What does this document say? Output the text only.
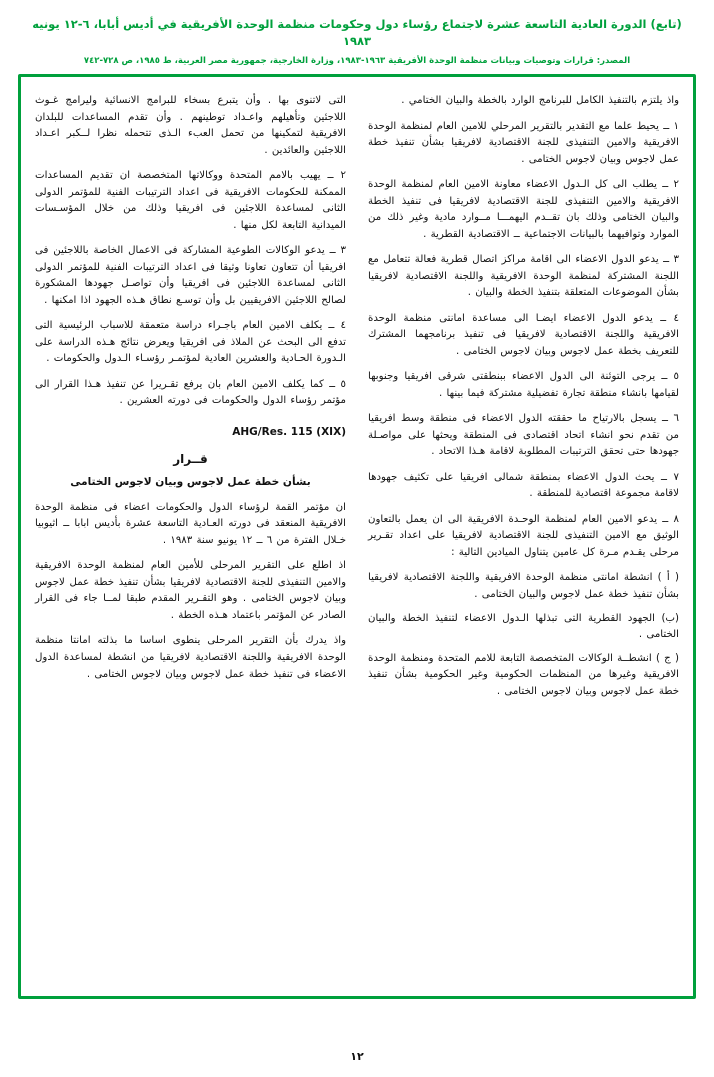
(تابع) الدورة العادية التاسعة عشرة لاجتماع رؤساء دول وحكومات منظمة الوحدة الأفريقية في أديس أبابا، ٦-١٢ يونيه ١٩٨٣
المصدر: قرارات وتوصيات وبيانات منظمة الوحدة الأفريقية ١٩٦٣-١٩٨٣، وزارة الخارجية، جمهورية مصر العربية، ط ١٩٨٥، ص ٧٢٨-٧٤٢

واذ يلتزم بالتنفيذ الكامل للبرنامج الوارد بالخطة والبيان الختامي .

١ ــ يحيط علما مع التقدير بالتقرير المرحلي للامين العام لمنظمة الوحدة الافريقية والامين التنفيذى للجنة الاقتصادية لافريقيا بشأن تنفيذ خطة عمل لاجوس وبيان لاجوس الختامى .

٢ ــ يطلب الى كل الـدول الاعضاء معاونة الامين العام لمنظمة الوحدة الافريقية والامين التنفيذى للجنة الاقتصادية لافريقيا فى تنفيذ الخطة والبيان الختامى وذلك بان تقــدم اليهمـــا مــوارد مادية وغير ذلك من الموارد وتوافيهما بالبيانات الاجتماعية ــ الاقتصادية القطرية .

٣ ــ يدعو الدول الاعضاء الى اقامة مراكز اتصال قطرية فعالة تتعامل مع اللجنة المشتركة لمنظمة الوحدة الافريقية واللجنة الاقتصادية لافريقيا بشأن الموضوعات المتعلقة بتنفيذ الخطة والبيان .

٤ ــ يدعو الدول الاعضاء ايضـا الى مساعدة امانتى منظمة الوحدة الافريقية واللجنة الاقتصادية لافريقيا فى تنفيذ برنامجهما المشترك للتعريف بخطة عمل لاجوس وبيان لاجوس الختامى .

٥ ــ يرجى التوئنة الى الدول الاعضاء ببنطقتى شرقى افريقيا وجنوبها لقيامها بانشاء منطقة تجارة تفضيلية مشتركة فيما بينها .

٦ ــ يسجل بالارتياح ما حققته الدول الاعضاء فى منطقة وسط افريقيا من تقدم نحو انشاء اتحاد اقتصادى فى المنطقة ويحثها على مواصـلة جهودها حتى تحقق الترتيبات المطلوبة لاقامة هـذا الاتحاد .

٧ ــ يحث الدول الاعضاء بمنطقة شمالى افريقيا على تكثيف جهودها لاقامة مجموعة اقتصادية للمنطقة .

٨ ــ يدعو الامين العام لمنظمة الوحـدة الافريقية الى ان يعمل بالتعاون الوثيق مع الامين التنفيذى للجنة الاقتصادية لافريقيا على اعداد تقـرير مرحلى يقـدم مـرة كل عامين يتناول الميادين التالية :

( أ ) انشطة امانتى منظمة الوحدة الافريقية واللجنة الاقتصادية لافريقيا بشأن تنفيذ خطة عمل لاجوس والبيان الختامى .

(ب) الجهود القطرية التى تبذلها الـدول الاعضاء لتنفيذ الخطة والبيان الختامى .

( ج ) انشطــة الوكالات المتخصصة التابعة للامم المتحدة ومنظمة الوحدة الافريقية وغيرها من المنظمات الحكومية وغير الحكومية بشأن تنفيذ خطة عمل لاجوس وبيان لاجوس الختامى .

التى لاتنوى بها . وأن يتبرع بسخاء للبرامج الانسائية وليرامج غـوث اللاجئين وتأهيلهم واعـداد توطينهم . وأن تقدم المساعدات للبلدان الافريقية لتمكينها من تحمل العبء الـذى تتحمله نظرا لــكبر اعـداد اللاجئين والعائدين .

٢ ــ يهيب بالامم المتحدة ووكالاتها المتخصصة ان تقديم المساعدات الممكنة للحكومات الافريقية فى اعداد الترتيبات الفنية للمؤتمر الدولى الثانى لمساعدة اللاجئين فى افريقيا وذلك من خلال المؤسـسات الميدانية التابعة لكل منها .

٣ ــ يدعو الوكالات الطوعية المشاركة فى الاعمال الخاصة باللاجئين فى افريقيا أن تتعاون تعاونا وثيقا فى اعداد الترتيبات الفنية للمؤتمر الدولى الثانى لمساعدة اللاجئين فى افريقيا وأن تواصـل جهودها المشكورة لصالح اللاجئين الافريقيين بل وأن توسـع نطاق هـذه الجهود اذا امكنها .

٤ ــ يكلف الامين العام باجـراء دراسة متعمقة للاسباب الرئيسية التى تدفع الى البحث عن الملاذ فى افريقيا ويعرض نتائج هـذه الدراسة على الـدورة الحـادية والعشرين العادية لمؤتمـر رؤسـاء الـدول والحكومات .

٥ ــ كما يكلف الامين العام بان يرفع تقـريرا عن تنفيذ هـذا القرار الى مؤتمر رؤساء الدول والحكومات فى دورته العشرين .

AHG/Res. 115 (XIX)
قــرار
بشأن خطة عمل لاجوس وبيان لاجوس الختامى

ان مؤتمر القمة لرؤساء الدول والحكومات اعضاء فى منظمة الوحدة الافريقية المنعقد فى دورته العـادية التاسعة عشرة بأديس ابابا ــ اثيوبيا خـلال الفترة من ٦ ــ ١٢ يونيو سنة ١٩٨٣ .

اذ اطلع على التقرير المرحلى للأمين العام لمنظمة الوحدة الافريقية والامين التنفيذى للجنة الاقتصادية لافريقيا بشأن تنفيذ خطة عمل لاجوس وبيان لاجوس الختامى . وهو التقـرير المقدم طبقا لمــا جاء فى القرار الصادر عن المؤتمر باعتماد هـذه الخطة .

واذ يدرك بأن التقرير المرحلى ينطوى اساسا ما بذلته امانتا منظمة الوحدة الافريقية واللجنة الاقتصادية لافريقيا من انشطة لمساعدة الدول الاعضاء فى تنفيذ خطة عمل لاجوس وبيان لاجوس الختامى .

١٢
